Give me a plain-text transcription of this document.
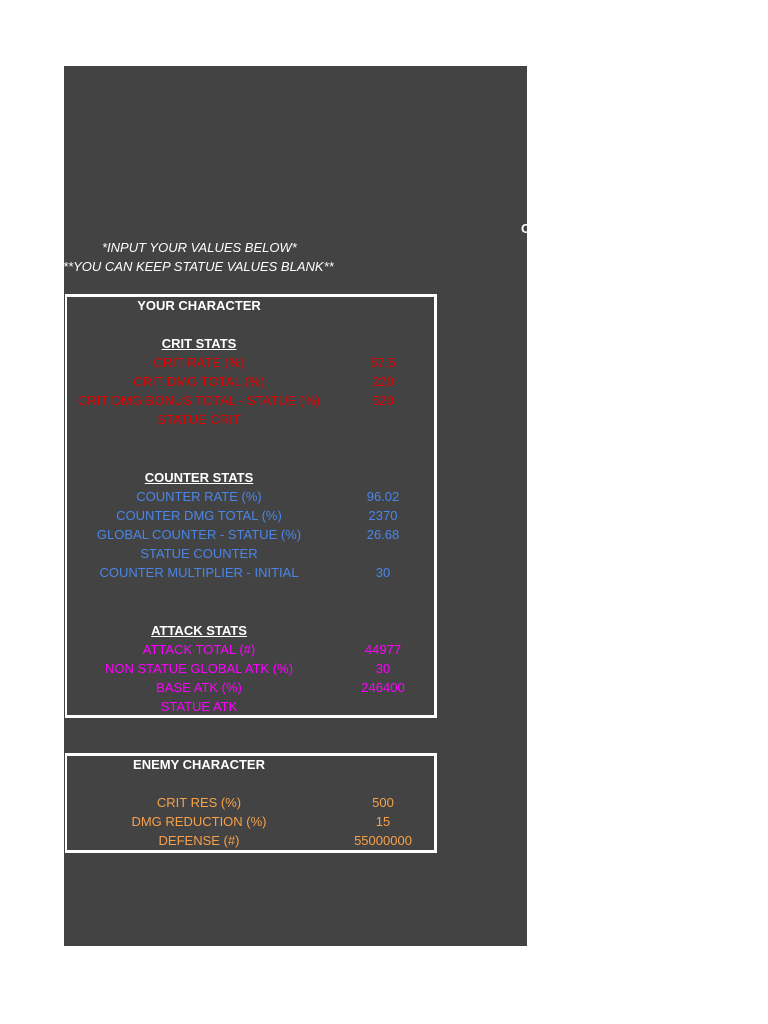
C
*INPUT YOUR VALUES BELOW*
**YOU CAN KEEP STATUE VALUES BLANK**
YOUR CHARACTER
CRIT STATS
CRIT RATE (%)	57.5
CRIT DMG TOTAL (%)	220
CRIT DMG BONUS TOTAL - STATUE (%)	520
STATUE CRIT
COUNTER STATS
COUNTER RATE (%)	96.02
COUNTER DMG TOTAL (%)	2370
GLOBAL COUNTER - STATUE (%)	26.68
STATUE COUNTER
COUNTER MULTIPLIER - INITIAL	30
ATTACK STATS
ATTACK TOTAL (#)	44977
NON STATUE GLOBAL ATK (%)	30
BASE ATK (%)	246400
STATUE ATK
ENEMY CHARACTER
CRIT RES (%)	500
DMG REDUCTION (%)	15
DEFENSE (#)	55000000
